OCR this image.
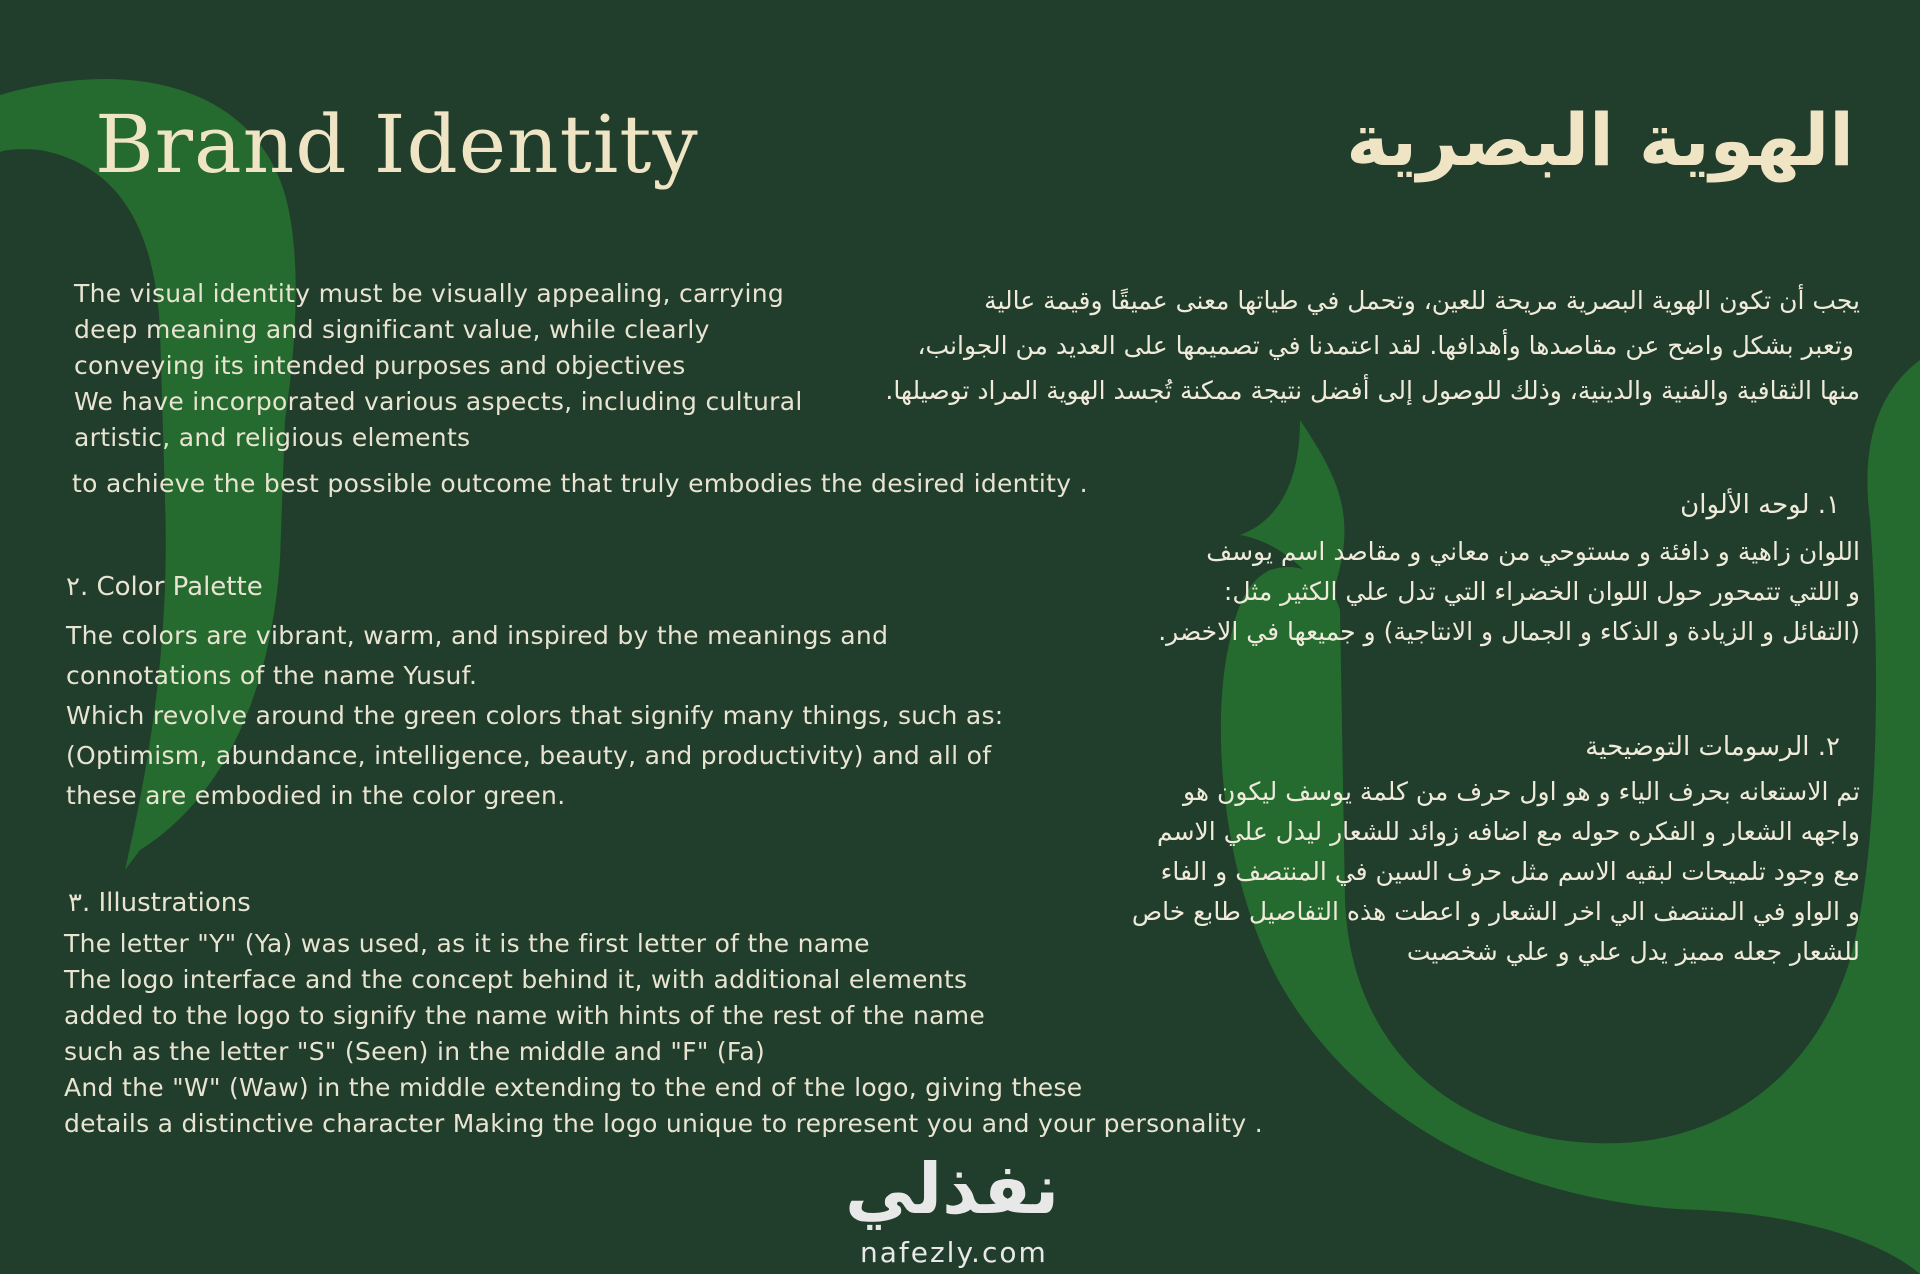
Brand Identity	الهوية البصرية
The visual identity must be visually appealing, carrying
deep meaning and significant value, while clearly
conveying its intended purposes and objectives
We have incorporated various aspects, including cultural
artistic, and religious elements
to achieve the best possible outcome that truly embodies the desired identity .
يجب أن تكون الهوية البصرية مريحة للعين، وتحمل في طياتها معنى عميقًا وقيمة عالية
وتعبر بشكل واضح عن مقاصدها وأهدافها. لقد اعتمدنا في تصميمها على العديد من الجوانب،
منها الثقافية والفنية والدينية، وذلك للوصول إلى أفضل نتيجة ممكنة تُجسد الهوية المراد توصيلها.
٢. Color Palette
The colors are vibrant, warm, and inspired by the meanings and
connotations of the name Yusuf.
Which revolve around the green colors that signify many things, such as:
(Optimism, abundance, intelligence, beauty, and productivity) and all of
these are embodied in the color green.
١. لوحه الألوان
اللوان زاهية و دافئة و مستوحي من معاني و مقاصد اسم يوسف
و اللتي تتمحور حول اللوان الخضراء التي تدل علي الكثير مثل:
(التفائل و الزيادة و الذكاء و الجمال و الانتاجية) و جميعها في الاخضر.
٣. Illustrations
The letter "Y" (Ya) was used, as it is the first letter of the name
The logo interface and the concept behind it, with additional elements
added to the logo to signify the name with hints of the rest of the name
such as the letter "S" (Seen) in the middle and "F" (Fa)
And the "W" (Waw) in the middle extending to the end of the logo, giving these
details a distinctive character Making the logo unique to represent you and your personality .
٢. الرسومات التوضيحية
تم الاستعانه بحرف الياء و هو اول حرف من كلمة يوسف ليكون هو
واجهه الشعار و الفكره حوله مع اضافه زوائد للشعار ليدل علي الاسم
مع وجود تلميحات لبقيه الاسم مثل حرف السين في المنتصف و الفاء
و الواو في المنتصف الي اخر الشعار و اعطت هذه التفاصيل طابع خاص
للشعار جعله مميز يدل علي و علي شخصيت
نفذلي
nafezly.com
